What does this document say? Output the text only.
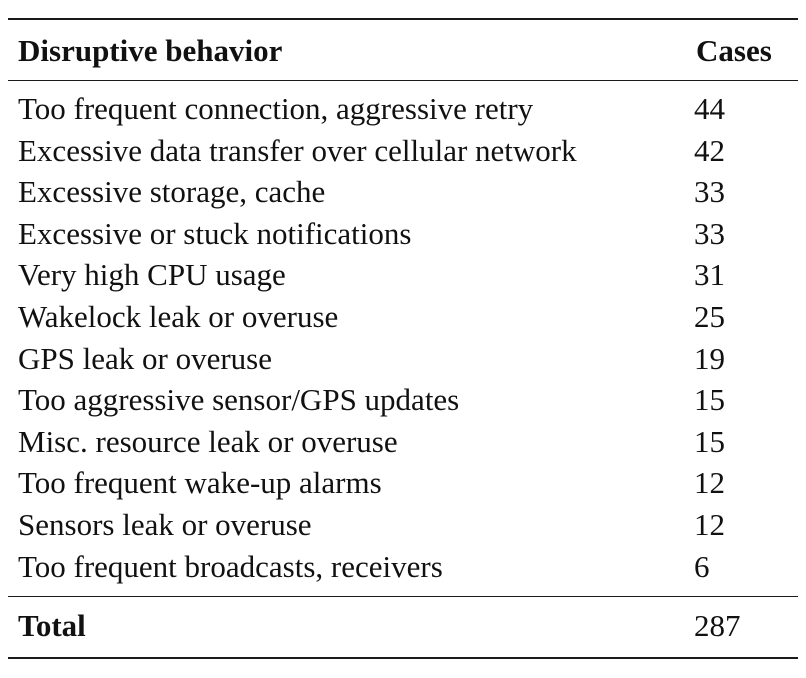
Disruptive behavior	Cases
Too frequent connection, aggressive retry	44
Excessive data transfer over cellular network	42
Excessive storage, cache	33
Excessive or stuck notifications	33
Very high CPU usage	31
Wakelock leak or overuse	25
GPS leak or overuse	19
Too aggressive sensor/GPS updates	15
Misc. resource leak or overuse	15
Too frequent wake-up alarms	12
Sensors leak or overuse	12
Too frequent broadcasts, receivers	6
Total	287
